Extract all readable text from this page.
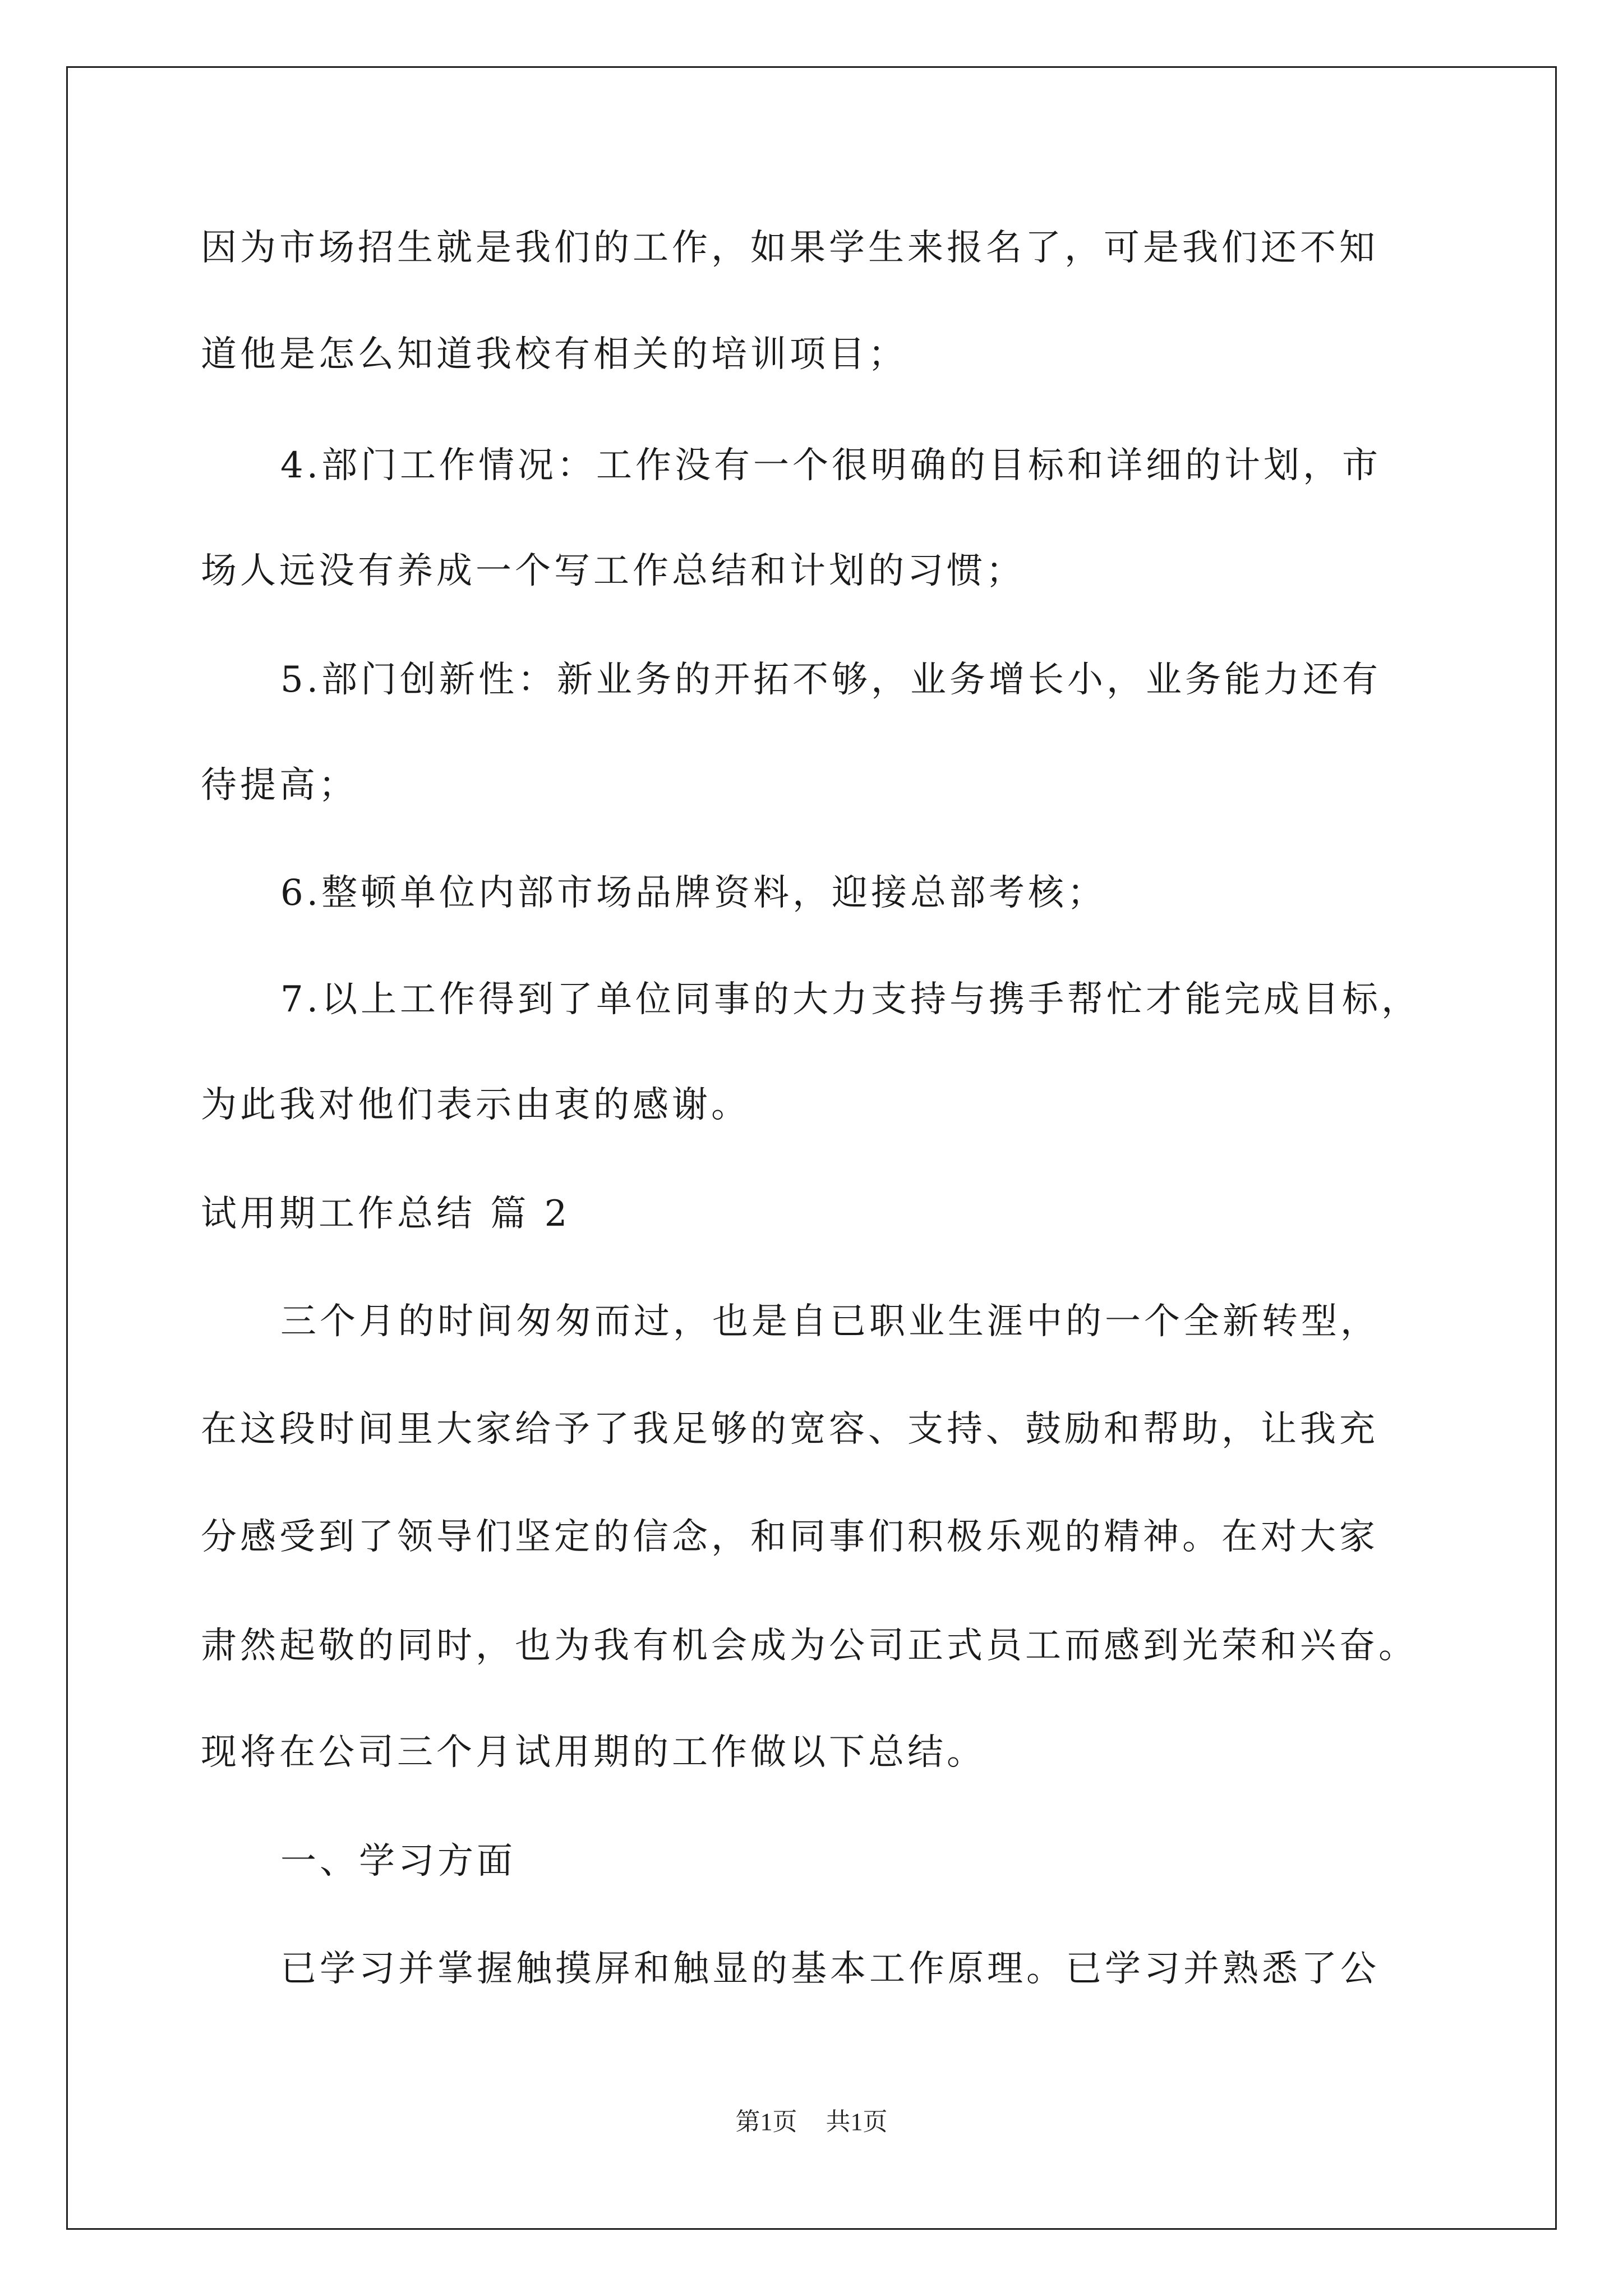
因为市场招生就是我们的工作，如果学生来报名了，可是我们还不知
道他是怎么知道我校有相关的培训项目；
4.部门工作情况：工作没有一个很明确的目标和详细的计划，市
场人远没有养成一个写工作总结和计划的习惯；
5.部门创新性：新业务的开拓不够，业务增长小，业务能力还有
待提高；
6.整顿单位内部市场品牌资料，迎接总部考核；
7.以上工作得到了单位同事的大力支持与携手帮忙才能完成目标，
为此我对他们表示由衷的感谢。
试用期工作总结 篇 2
三个月的时间匆匆而过，也是自已职业生涯中的一个全新转型，
在这段时间里大家给予了我足够的宽容、支持、鼓励和帮助，让我充
分感受到了领导们坚定的信念，和同事们积极乐观的精神。在对大家
肃然起敬的同时，也为我有机会成为公司正式员工而感到光荣和兴奋。
现将在公司三个月试用期的工作做以下总结。
一、学习方面
已学习并掌握触摸屏和触显的基本工作原理。已学习并熟悉了公
第1页 共1页
